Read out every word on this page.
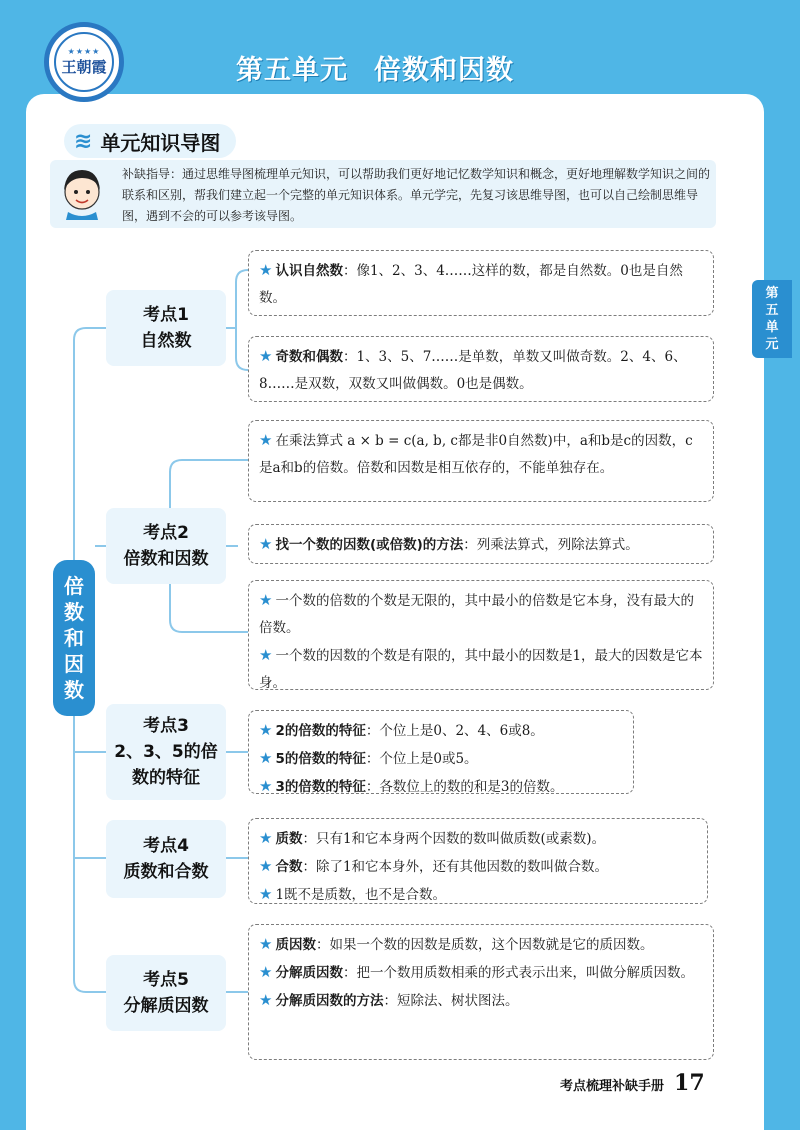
★★★★
王朝霞	第五单元 倍数和因数
第
五
单
元
≋ 单元知识导图
补缺指导：通过思维导图梳理单元知识，可以帮助我们更好地记忆数学知识和概念，更好地理解数学知识之间的联系和区别，帮我们建立起一个完整的单元知识体系。单元学完，先复习该思维导图，也可以自己绘制思维导图，遇到不会的可以参考该导图。
倍
数
和
因
数
考点1
自然数
考点2
倍数和因数
考点3
2、3、5的倍
数的特征
考点4
质数和合数
考点5
分解质因数

★ 认识自然数：像1、2、3、4……这样的数，都是自然数。0也是自然数。

★ 奇数和偶数：1、3、5、7……是单数，单数又叫做奇数。2、4、6、8……是双数，双数又叫做偶数。0也是偶数。

★ 在乘法算式 a × b = c(a, b, c都是非0自然数)中，a和b是c的因数，c是a和b的倍数。倍数和因数是相互依存的，不能单独存在。

★ 找一个数的因数(或倍数)的方法：列乘法算式，列除法算式。

★ 一个数的倍数的个数是无限的，其中最小的倍数是它本身，没有最大的倍数。

★ 一个数的因数的个数是有限的，其中最小的因数是1，最大的因数是它本身。

★ 2的倍数的特征：个位上是0、2、4、6或8。

★ 5的倍数的特征：个位上是0或5。

★ 3的倍数的特征：各数位上的数的和是3的倍数。

★ 质数：只有1和它本身两个因数的数叫做质数(或素数)。

★ 合数：除了1和它本身外，还有其他因数的数叫做合数。

★ 1既不是质数，也不是合数。

★ 质因数：如果一个数的因数是质数，这个因数就是它的质因数。

★ 分解质因数：把一个数用质数相乘的形式表示出来，叫做分解质因数。

★ 分解质因数的方法：短除法、树状图法。

考点梳理补缺手册 17
